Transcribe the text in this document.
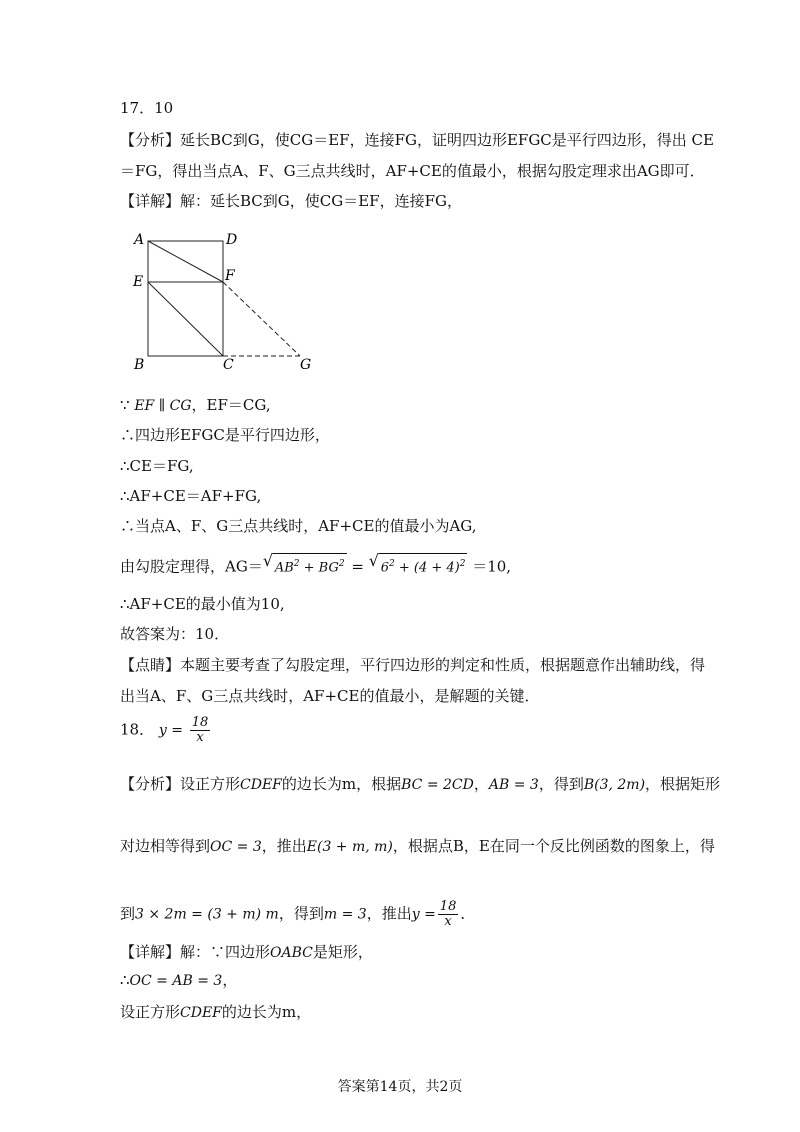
17．10
【分析】延长BC到G，使CG＝EF，连接FG，证明四边形EFGC是平行四边形，得出 CE
＝FG，得出当点A、F、G三点共线时，AF+CE的值最小，根据勾股定理求出AG即可．
【详解】解：延长BC到G，使CG＝EF，连接FG，
A	D
E	F
B	C	G
∵ EF ∥ CG，EF＝CG,
∴四边形EFGC是平行四边形，
∴CE＝FG,
∴AF+CE＝AF+FG,
∴当点A、F、G三点共线时，AF+CE的值最小为AG,
由勾股定理得，AG＝ √ $AB^2 + BG^2$ = √ $6^2 + (4 + 4)^2 =10$,
∴AF+CE的最小值为10,
故答案为：10．
【点睛】本题主要考查了勾股定理，平行四边形的判定和性质，根据题意作出辅助线，得
出当A、F、G三点共线时，AF+CE的值最小，是解题的关键．
18． $y = \frac{18}{x}$
【分析】设正方形CDEF的边长为m，根据BC = 2CD，AB = 3，得到B(3, 2m)，根据矩形
对边相等得到OC = 3，推出E(3 + m, m)，根据点B，E在同一个反比例函数的图象上，得
到3 × 2m = (3 + m) m，得到m = 3，推出$y = \frac{18}{x}$ ．
【详解】解：∵四边形OABC是矩形，
∴OC = AB = 3，
设正方形CDEF的边长为m，
答案第14页，共2页
